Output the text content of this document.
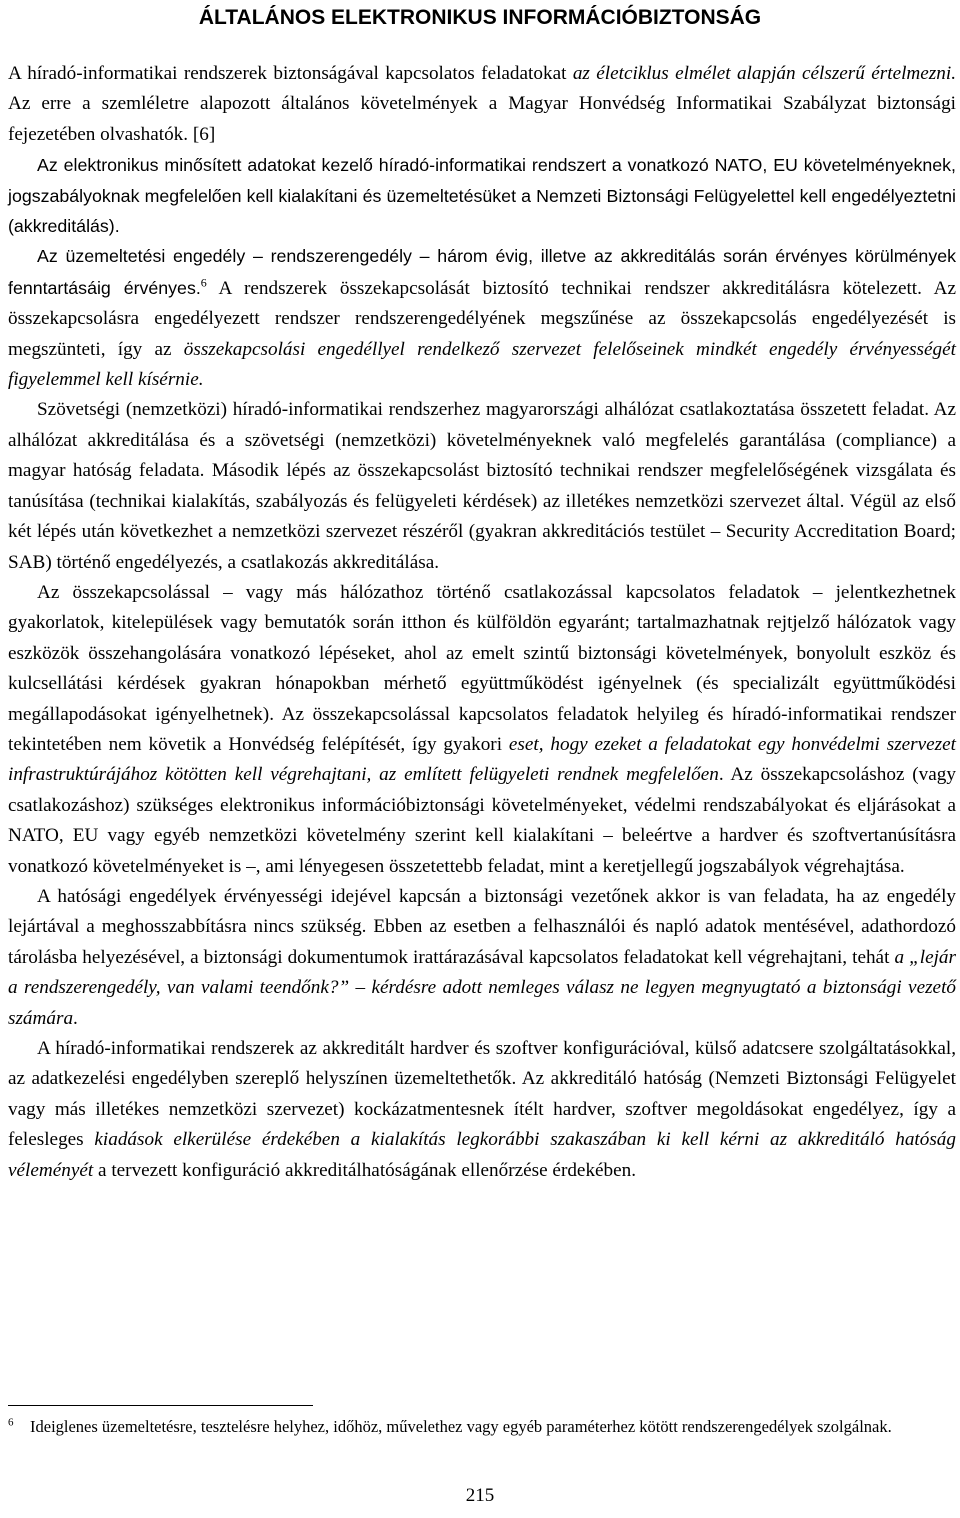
ÁLTALÁNOS ELEKTRONIKUS INFORMÁCIÓBIZTONSÁG

A híradó-informatikai rendszerek biztonságával kapcsolatos feladatokat az életciklus elmélet alapján célszerű értelmezni. Az erre a szemléletre alapozott általános követelmények a Magyar Honvédség Informatikai Szabályzat biztonsági fejezetében olvashatók. [6]

Az elektronikus minősített adatokat kezelő híradó-informatikai rendszert a vonatkozó NATO, EU követelményeknek, jogszabályoknak megfelelően kell kialakítani és üzemeltetésüket a Nemzeti Biztonsági Felügyelettel kell engedélyeztetni (akkreditálás).

Az üzemeltetési engedély – rendszerengedély – három évig, illetve az akkreditálás során érvényes körülmények fenntartásáig érvényes.$^6$ A rendszerek összekapcsolását biztosító technikai rendszer akkreditálásra kötelezett. Az összekapcsolásra engedélyezett rendszer rendszerengedélyének megszűnése az összekapcsolás engedélyezését is megszünteti, így az összekapcsolási engedéllyel rendelkező szervezet felelőseinek mindkét engedély érvényességét figyelemmel kell kísérnie.

Szövetségi (nemzetközi) híradó-informatikai rendszerhez magyarországi alhálózat csatlakoztatása összetett feladat. Az alhálózat akkreditálása és a szövetségi (nemzetközi) követelményeknek való megfelelés garantálása (compliance) a magyar hatóság feladata. Második lépés az összekapcsolást biztosító technikai rendszer megfelelőségének vizsgálata és tanúsítása (technikai kialakítás, szabályozás és felügyeleti kérdések) az illetékes nemzetközi szervezet által. Végül az első két lépés után következhet a nemzetközi szervezet részéről (gyakran akkreditációs testület – Security Accreditation Board; SAB) történő engedélyezés, a csatlakozás akkreditálása.

Az összekapcsolással – vagy más hálózathoz történő csatlakozással kapcsolatos feladatok – jelentkezhetnek gyakorlatok, kitelepülések vagy bemutatók során itthon és külföldön egyaránt; tartalmazhatnak rejtjelző hálózatok vagy eszközök összehangolására vonatkozó lépéseket, ahol az emelt szintű biztonsági követelmények, bonyolult eszköz és kulcsellátási kérdések gyakran hónapokban mérhető együttműködést igényelnek (és specializált együttműködési megállapodásokat igényelhetnek). Az összekapcsolással kapcsolatos feladatok helyileg és híradó-informatikai rendszer tekintetében nem követik a Honvédség felépítését, így gyakori eset, hogy ezeket a feladatokat egy honvédelmi szervezet infrastruktúrájához kötötten kell végrehajtani, az említett felügyeleti rendnek megfelelően. Az összekapcsoláshoz (vagy csatlakozáshoz) szükséges elektronikus információbiztonsági követelményeket, védelmi rendszabályokat és eljárásokat a NATO, EU vagy egyéb nemzetközi követelmény szerint kell kialakítani – beleértve a hardver és szoftvertanúsításra vonatkozó követelményeket is –, ami lényegesen összetettebb feladat, mint a keretjellegű jogszabályok végrehajtása.

A hatósági engedélyek érvényességi idejével kapcsán a biztonsági vezetőnek akkor is van feladata, ha az engedély lejártával a meghosszabbításra nincs szükség. Ebben az esetben a felhasználói és napló adatok mentésével, adathordozó tárolásba helyezésével, a biztonsági dokumentumok irattárazásával kapcsolatos feladatokat kell végrehajtani, tehát a „lejár a rendszerengedély, van valami teendőnk?” – kérdésre adott nemleges válasz ne legyen megnyugtató a biztonsági vezető számára.

A híradó-informatikai rendszerek az akkreditált hardver és szoftver konfigurációval, külső adatcsere szolgáltatásokkal, az adatkezelési engedélyben szereplő helyszínen üzemeltethetők. Az akkreditáló hatóság (Nemzeti Biztonsági Felügyelet vagy más illetékes nemzetközi szervezet) kockázatmentesnek ítélt hardver, szoftver megoldásokat engedélyez, így a felesleges kiadások elkerülése érdekében a kialakítás legkorábbi szakaszában ki kell kérni az akkreditáló hatóság véleményét a tervezett konfiguráció akkreditálhatóságának ellenőrzése érdekében.

$^6$ Ideiglenes üzemeltetésre, tesztelésre helyhez, időhöz, művelethez vagy egyéb paraméterhez kötött rendszerengedélyek szolgálnak.

215
